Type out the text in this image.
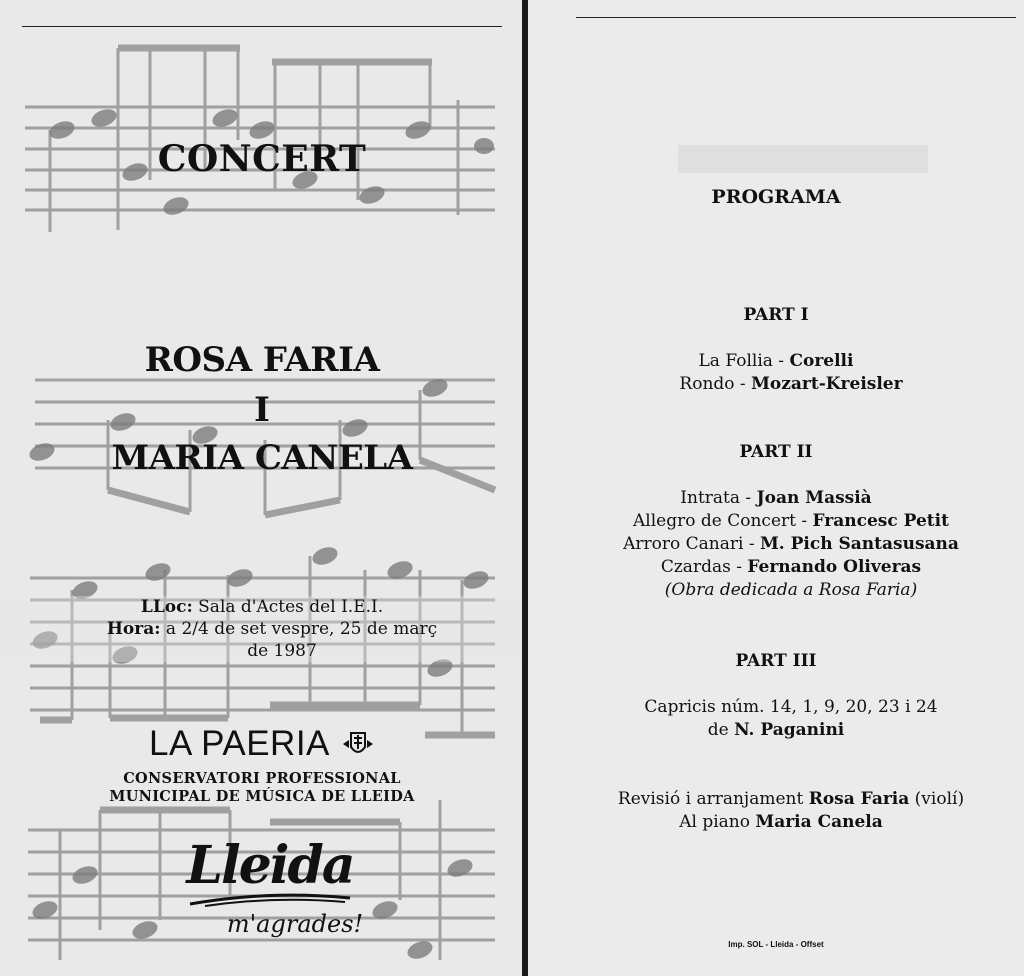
CONCERT
ROSA FARIA
I
MARIA CANELA
LLoc: Sala d'Actes del I.E.I.
Hora: a 2/4 de set vespre, 25 de març
de 1987
LA PAERIA
CONSERVATORI PROFESSIONAL
MUNICIPAL DE MÚSICA DE LLEIDA
Lleida
m'agrades!
PROGRAMA
PART I
La Follia - Corelli
Rondo - Mozart-Kreisler
PART II
Intrata - Joan Massià
Allegro de Concert - Francesc Petit
Arroro Canari - M. Pich Santasusana
Czardas - Fernando Oliveras
(Obra dedicada a Rosa Faria)
PART III
Capricis núm. 14, 1, 9, 20, 23 i 24
de N. Paganini
Revisió i arranjament Rosa Faria (violí)
Al piano Maria Canela
Imp. SOL - Lleida - Offset
